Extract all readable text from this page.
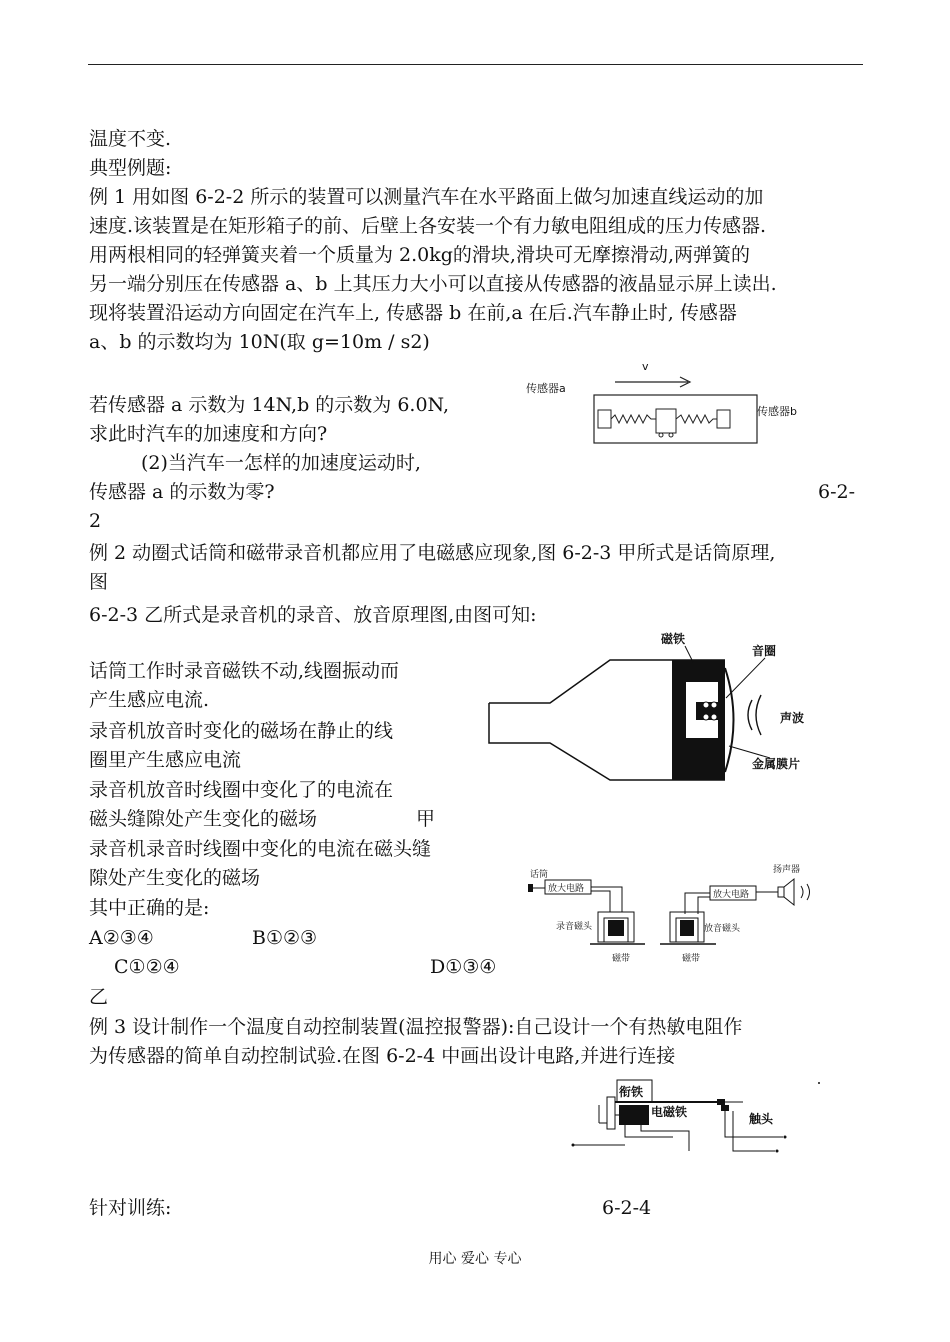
温度不变.
典型例题:
例 1 用如图 6-2-2 所示的装置可以测量汽车在水平路面上做匀加速直线运动的加
速度.该装置是在矩形箱子的前、后壁上各安装一个有力敏电阻组成的压力传感器.
用两根相同的轻弹簧夹着一个质量为 2.0kg的滑块,滑块可无摩擦滑动,两弹簧的
另一端分别压在传感器 a、b 上其压力大小可以直接从传感器的液晶显示屏上读出.
现将装置沿运动方向固定在汽车上, 传感器 b 在前,a 在后.汽车静止时, 传感器
a、b 的示数均为 10N(取 g=10m / s2)
若传感器 a 示数为 14N,b 的示数为 6.0N,
求此时汽车的加速度和方向?
(2)当汽车一怎样的加速度运动时,
传感器 a 的示数为零?	6-2-
2
传感器a
v
传感器b
例 2 动圈式话筒和磁带录音机都应用了电磁感应现象,图 6-2-3 甲所式是话筒原理,
图
6-2-3 乙所式是录音机的录音、放音原理图,由图可知:
话筒工作时录音磁铁不动,线圈振动而
产生感应电流.
录音机放音时变化的磁场在静止的线
圈里产生感应电流
录音机放音时线圈中变化了的电流在
磁头缝隙处产生变化的磁场	甲
录音机录音时线圈中变化的电流在磁头缝
隙处产生变化的磁场
其中正确的是:
A②③④	B①②③
C①②④	D①③④
乙
磁铁
音圈
声波
金属膜片
话筒
放大电路
扬声器
放大电路
录音磁头	放音磁头
磁带	磁带
例 3 设计制作一个温度自动控制装置(温控报警器):自己设计一个有热敏电阻作
为传感器的简单自动控制试验.在图 6-2-4 中画出设计电路,并进行连接
针对训练:	6-2-4
衔铁
电磁铁	触头
用心 爱心 专心
